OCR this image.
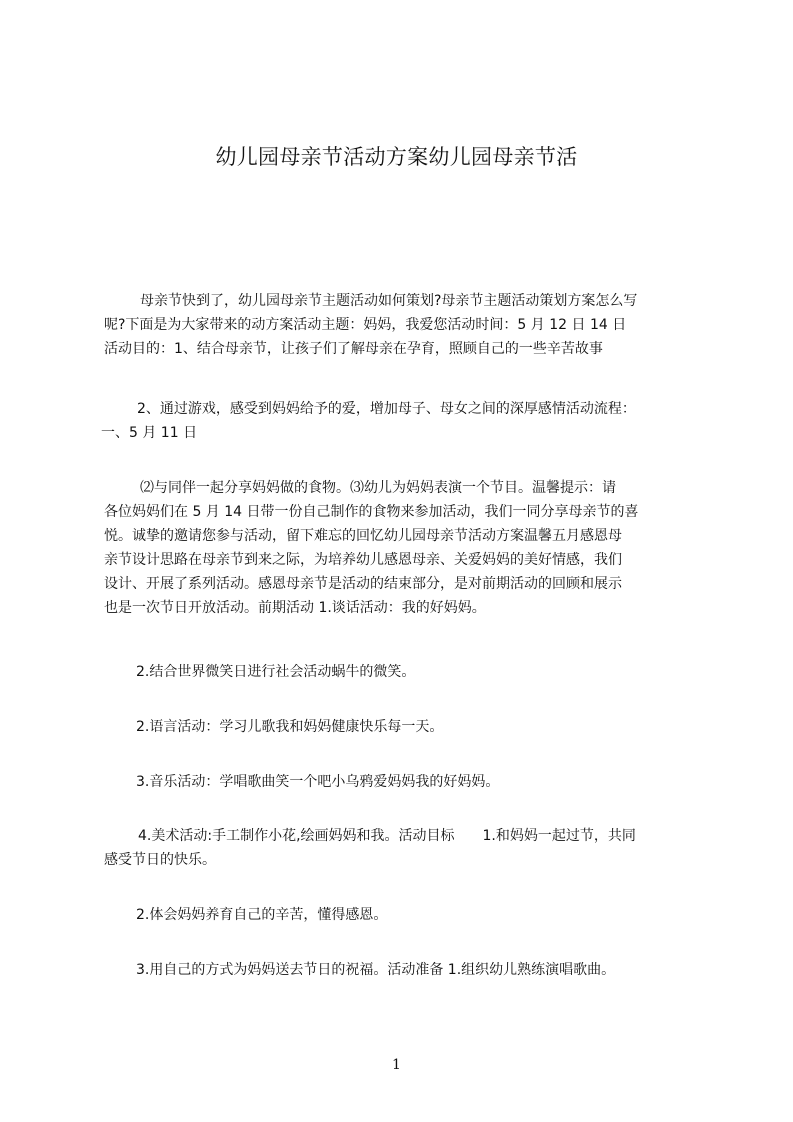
幼儿园母亲节活动方案幼儿园母亲节活
母亲节快到了，幼儿园母亲节主题活动如何策划?母亲节主题活动策划方案怎么写
呢?下面是为大家带来的动方案活动主题：妈妈，我爱您活动时间：5 月 12 日 14 日
活动目的：1、结合母亲节，让孩子们了解母亲在孕育，照顾自己的一些辛苦故事
2、通过游戏，感受到妈妈给予的爱，增加母子、母女之间的深厚感情活动流程：
一、5 月 11 日
⑵与同伴一起分享妈妈做的食物。⑶幼儿为妈妈表演一个节目。温馨提示：请
各位妈妈们在 5 月 14 日带一份自己制作的食物来参加活动，我们一同分享母亲节的喜
悦。诚挚的邀请您参与活动，留下难忘的回忆幼儿园母亲节活动方案温馨五月感恩母
亲节设计思路在母亲节到来之际，为培养幼儿感恩母亲、关爱妈妈的美好情感，我们
设计、开展了系列活动。感恩母亲节是活动的结束部分，是对前期活动的回顾和展示
也是一次节日开放活动。前期活动 1.谈话活动：我的好妈妈。
2.结合世界微笑日进行社会活动蜗牛的微笑。
2.语言活动：学习儿歌我和妈妈健康快乐每一天。
3.音乐活动：学唱歌曲笑一个吧小乌鸦爱妈妈我的好妈妈。
4.美术活动:手工制作小花,绘画妈妈和我。活动目标　　1.和妈妈一起过节，共同
感受节日的快乐。
2.体会妈妈养育自己的辛苦，懂得感恩。
3.用自己的方式为妈妈送去节日的祝福。活动准备 1.组织幼儿熟练演唱歌曲。
1
